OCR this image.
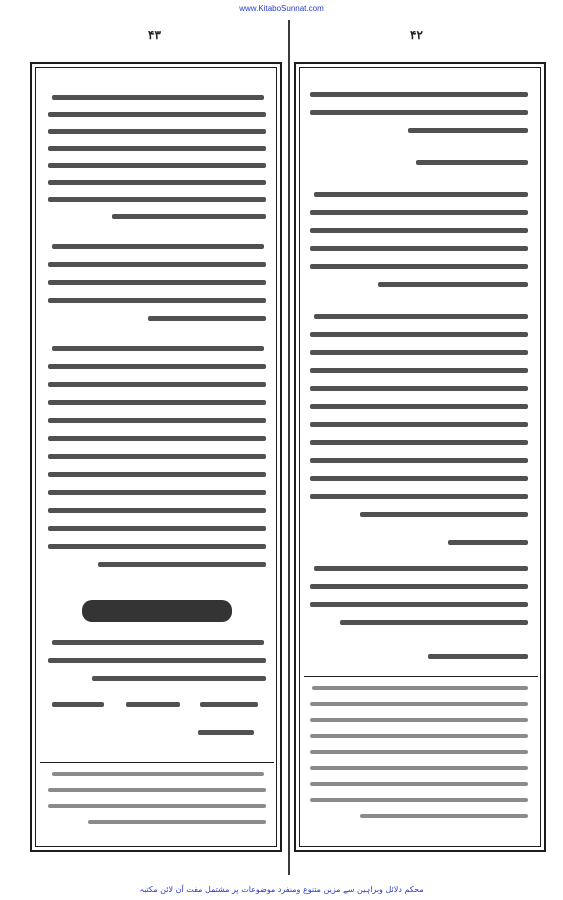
www.KitaboSunnat.com
۴۳	۴۲
محکم دلائل وبراہین سے مزین متنوع ومنفرد موضوعات پر مشتمل مفت آن لائن مکتبہ
